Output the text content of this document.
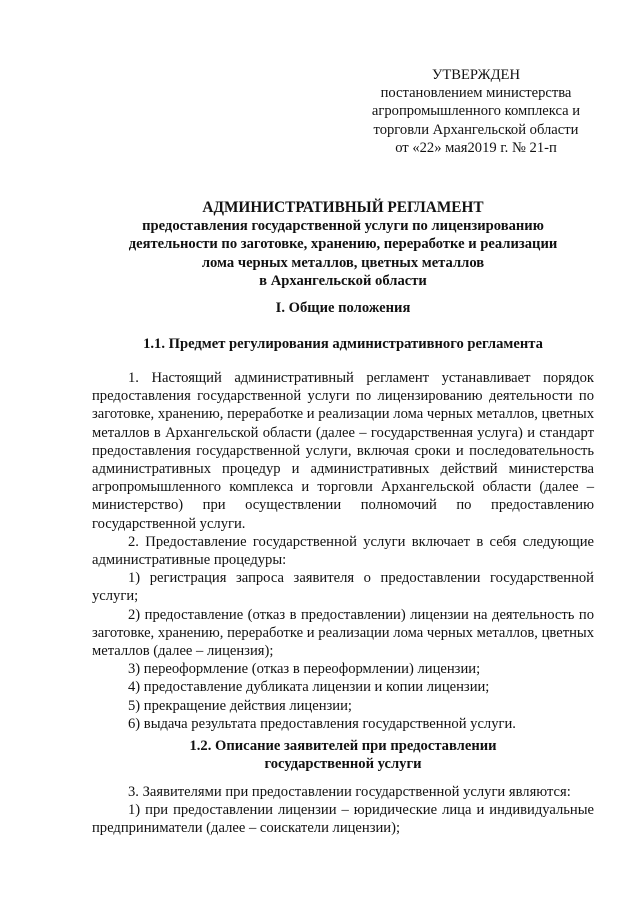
УТВЕРЖДЕН
постановлением министерства
агропромышленного комплекса и
торговли Архангельской области
от «22» мая2019 г. № 21-п
АДМИНИСТРАТИВНЫЙ РЕГЛАМЕНТ
предоставления государственной услуги по лицензированию
деятельности по заготовке, хранению, переработке и реализации
лома черных металлов, цветных металлов
в Архангельской области
I. Общие положения
1.1. Предмет регулирования административного регламента

1. Настоящий административный регламент устанавливает порядок предоставления государственной услуги по лицензированию деятельности по заготовке, хранению, переработке и реализации лома черных металлов, цветных металлов в Архангельской области (далее – государственная услуга) и стандарт предоставления государственной услуги, включая сроки и последовательность административных процедур и административных действий министерства агропромышленного комплекса и торговли Архангельской области (далее – министерство) при осуществлении полномочий по предоставлению государственной услуги.

2. Предоставление государственной услуги включает в себя следующие административные процедуры:

1) регистрация запроса заявителя о предоставлении государственной услуги;

2) предоставление (отказ в предоставлении) лицензии на деятельность по заготовке, хранению, переработке и реализации лома черных металлов, цветных металлов (далее – лицензия);

3) переоформление (отказ в переоформлении) лицензии;

4) предоставление дубликата лицензии и копии лицензии;

5) прекращение действия лицензии;

6) выдача результата предоставления государственной услуги.

1.2. Описание заявителей при предоставлении
государственной услуги

3. Заявителями при предоставлении государственной услуги являются:

1) при предоставлении лицензии – юридические лица и индивидуальные предприниматели (далее – соискатели лицензии);
